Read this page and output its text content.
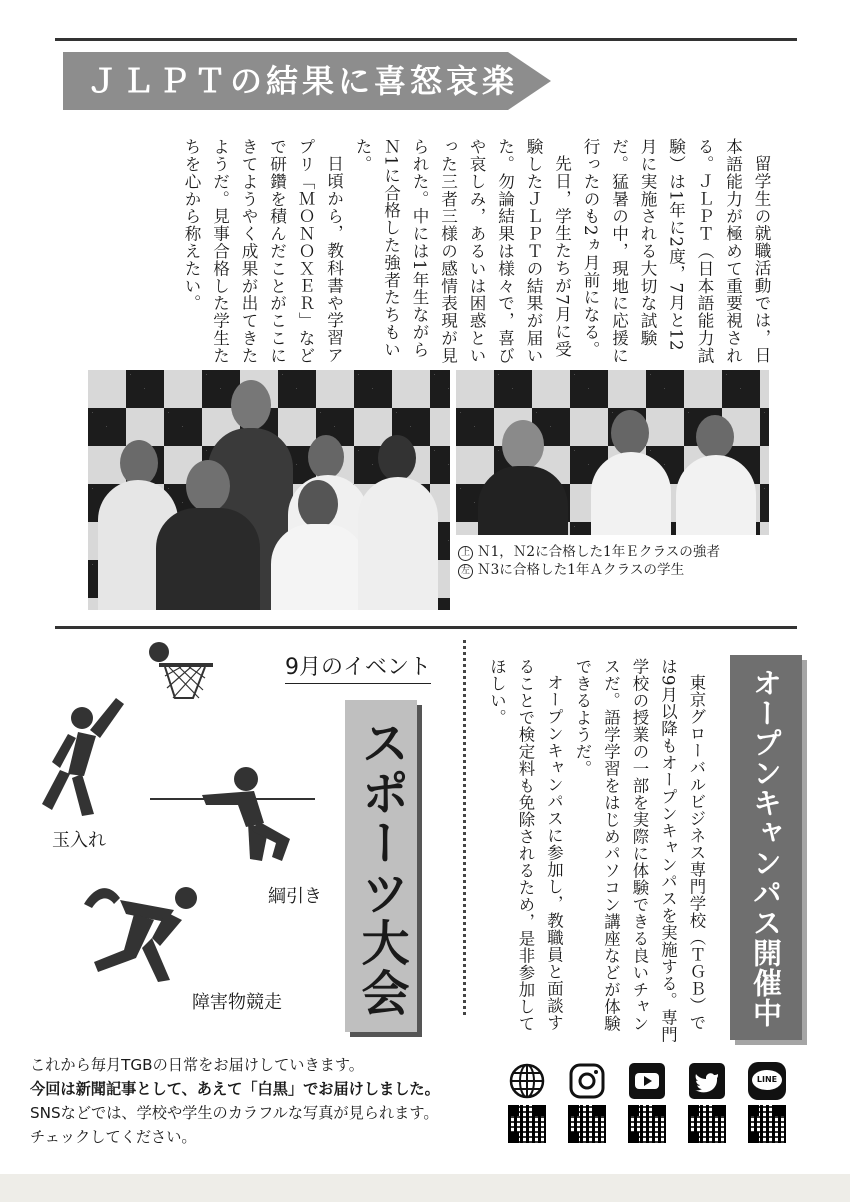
ＪＬＰＴの結果に喜怒哀楽

留学生の就職活動では，日本語能力が極めて重要視される。ＪＬＰＴ（日本語能力試験）は1年に2度，7月と12月に実施される大切な試験だ。猛暑の中，現地に応援に行ったのも2ヵ月前になる。

先日，学生たちが7月に受験したＪＬＰＴの結果が届いた。勿論結果は様々で，喜びや哀しみ，あるいは困惑といった三者三様の感情表現が見られた。中には1年生ながらＮ1に合格した強者たちもいた。

日頃から，教科書や学習アプリ「ＭＯＮＯＸＥＲ」などで研鑽を積んだことがここにきてようやく成果が出てきたようだ。見事合格した学生たちを心から称えたい。

上 Ｎ1，Ｎ2に合格した1年Ｅクラスの強者
左 Ｎ3に合格した1年Ａクラスの学生
9月のイベント
玉入れ
綱引き
障害物競走 スポーツ大会	オープンキャンパス開催中

東京グローバルビジネス専門学校（ＴＧＢ）では9月以降もオープンキャンパスを実施する。専門学校の授業の一部を実際に体験できる良いチャンスだ。語学学習をはじめパソコン講座などが体験できるようだ。

オープンキャンパスに参加し，教職員と面談することで検定料も免除されるため，是非参加してほしい。

これから毎月TGBの日常をお届けしていきます。
今回は新聞記事として、あえて「白黒」でお届けしました。
SNSなどでは、学校や学生のカラフルな写真が見られます。
チェックしてください。
LINE
